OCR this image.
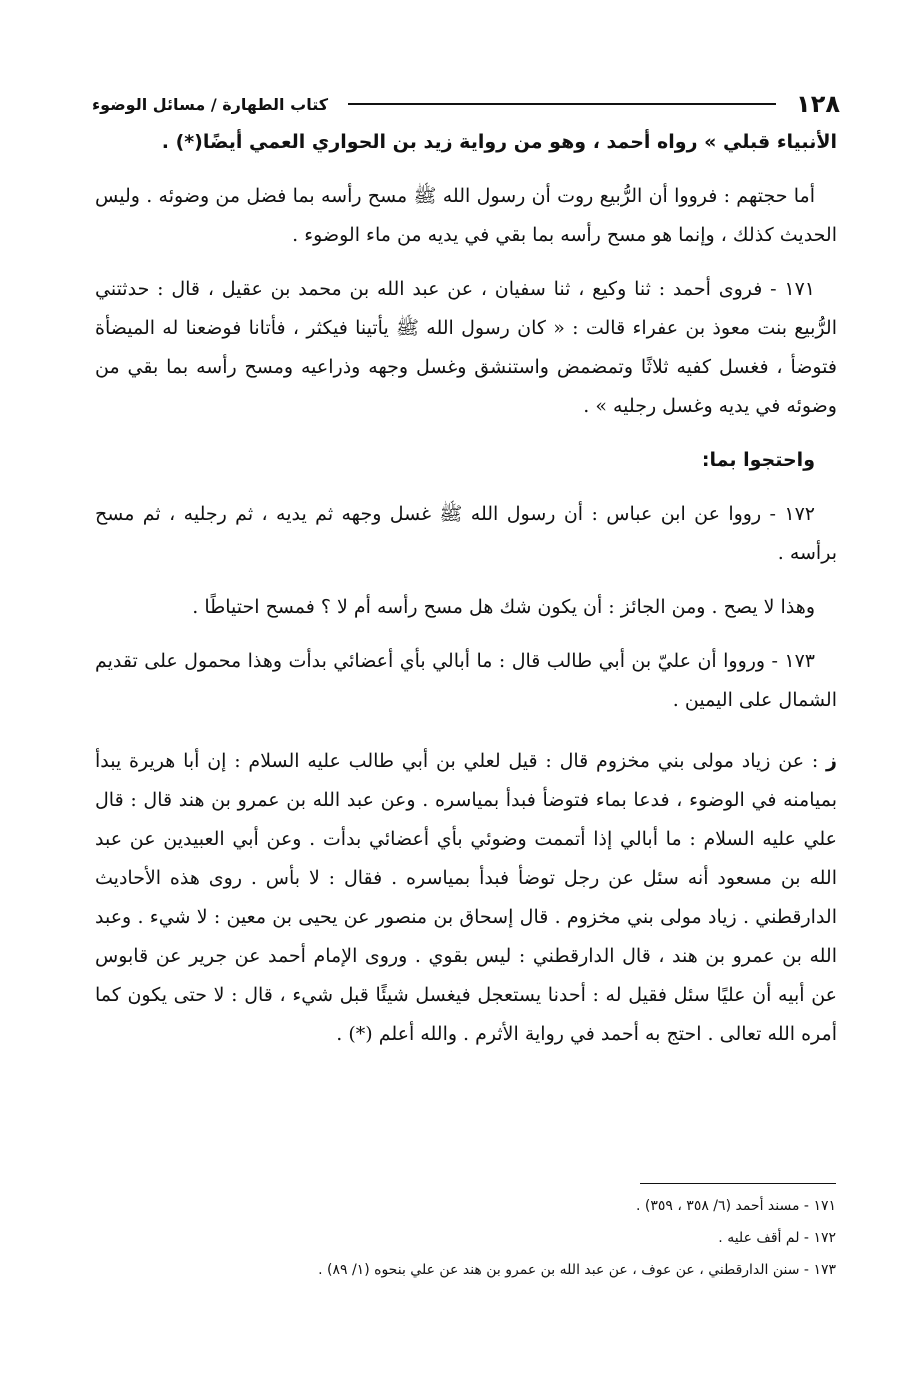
١٢٨
كتاب الطهارة / مسائل الوضوء

الأنبياء قبلي » رواه أحمد ، وهو من رواية زيد بن الحواري العمي أيضًا(*) .

أما حجتهم : فرووا أن الرُّبيع روت أن رسول الله ﷺ مسح رأسه بما فضل من وضوئه . وليس الحديث كذلك ، وإنما هو مسح رأسه بما بقي في يديه من ماء الوضوء .

١٧١ - فروى أحمد : ثنا وكيع ، ثنا سفيان ، عن عبد الله بن محمد بن عقيل ، قال : حدثتني الرُّبيع بنت معوذ بن عفراء قالت : « كان رسول الله ﷺ يأتينا فيكثر ، فأتانا فوضعنا له الميضأة فتوضأ ، فغسل كفيه ثلاثًا وتمضمض واستنشق وغسل وجهه وذراعيه ومسح رأسه بما بقي من وضوئه في يديه وغسل رجليه » .

واحتجوا بما:

١٧٢ - رووا عن ابن عباس : أن رسول الله ﷺ غسل وجهه ثم يديه ، ثم رجليه ، ثم مسح برأسه .

وهذا لا يصح . ومن الجائز : أن يكون شك هل مسح رأسه أم لا ؟ فمسح احتياطًا .

١٧٣ - ورووا أن عليّ بن أبي طالب قال : ما أبالي بأي أعضائي بدأت وهذا محمول على تقديم الشمال على اليمين .

ز : عن زياد مولى بني مخزوم قال : قيل لعلي بن أبي طالب عليه السلام : إن أبا هريرة يبدأ بميامنه في الوضوء ، فدعا بماء فتوضأ فبدأ بمياسره . وعن عبد الله بن عمرو بن هند قال : قال علي عليه السلام : ما أبالي إذا أتممت وضوئي بأي أعضائي بدأت . وعن أبي العبيدين عن عبد الله بن مسعود أنه سئل عن رجل توضأ فبدأ بمياسره . فقال : لا بأس . روى هذه الأحاديث الدارقطني . زياد مولى بني مخزوم . قال إسحاق بن منصور عن يحيى بن معين : لا شيء . وعبد الله بن عمرو بن هند ، قال الدارقطني : ليس بقوي . وروى الإمام أحمد عن جرير عن قابوس عن أبيه أن عليًا سئل فقيل له : أحدنا يستعجل فيغسل شيئًا قبل شيء ، قال : لا حتى يكون كما أمره الله تعالى . احتج به أحمد في رواية الأثرم . والله أعلم (*) .

١٧١ - مسند أحمد (٦/ ٣٥٨ ، ٣٥٩) .

١٧٢ - لم أقف عليه .

١٧٣ - سنن الدارقطني ، عن عوف ، عن عبد الله بن عمرو بن هند عن علي بنحوه (١/ ٨٩) .
